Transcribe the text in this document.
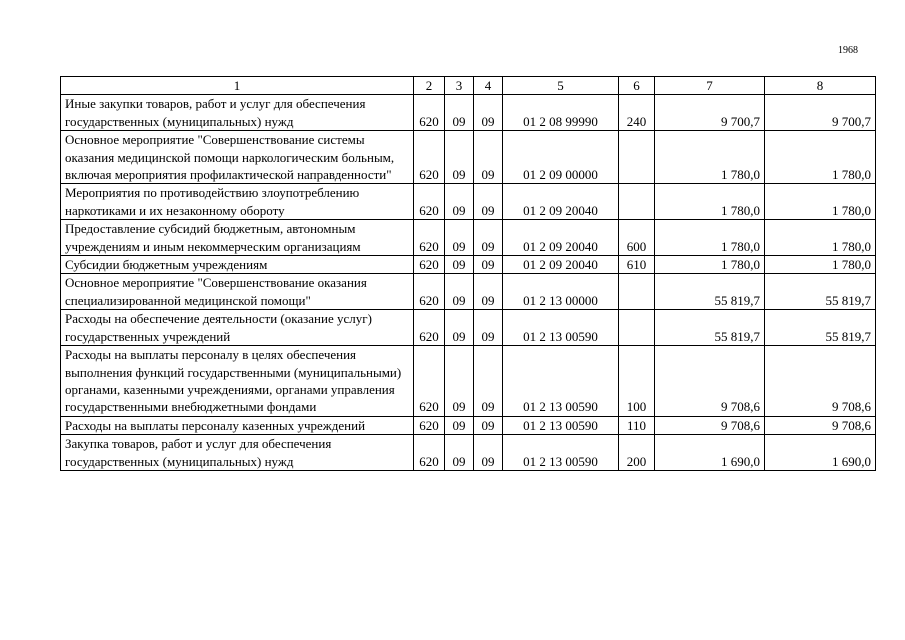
1968
1	2	3	4	5	6	7	8
Иные закупки товаров, работ и услуг для обеспечения государственных (муниципальных) нужд	620	09	09	01 2 08 99990	240	9 700,7	9 700,7
Основное мероприятие "Совершенствование системы оказания медицинской помощи наркологическим больным, включая мероприятия профилактической направденности"	620	09	09	01 2 09 00000		1 780,0	1 780,0
Мероприятия по противодействию злоупотреблению наркотиками и их незаконному обороту	620	09	09	01 2 09 20040		1 780,0	1 780,0
Предоставление субсидий бюджетным, автономным учреждениям и иным некоммерческим организациям	620	09	09	01 2 09 20040	600	1 780,0	1 780,0
Субсидии бюджетным учреждениям	620	09	09	01 2 09 20040	610	1 780,0	1 780,0
Основное мероприятие "Совершенствование оказания специализированной медицинской помощи"	620	09	09	01 2 13 00000		55 819,7	55 819,7
Расходы на обеспечение деятельности (оказание услуг) государственных учреждений	620	09	09	01 2 13 00590		55 819,7	55 819,7
Расходы на выплаты персоналу в целях обеспечения выполнения функций государственными (муниципальными) органами, казенными учреждениями, органами управления государственными внебюджетными фондами	620	09	09	01 2 13 00590	100	9 708,6	9 708,6
Расходы на выплаты персоналу казенных учреждений	620	09	09	01 2 13 00590	110	9 708,6	9 708,6
Закупка товаров, работ и услуг для обеспечения государственных (муниципальных) нужд	620	09	09	01 2 13 00590	200	1 690,0	1 690,0
